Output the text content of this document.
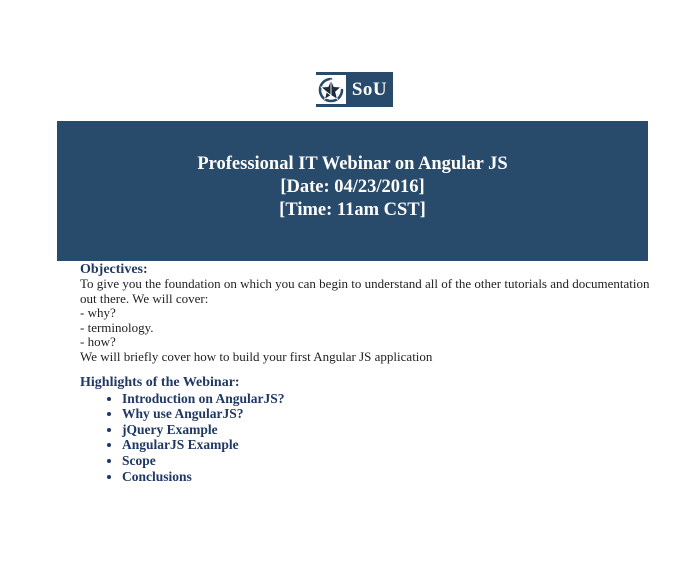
SoU
Professional IT Webinar on Angular JS
[Date: 04/23/2016]
[Time: 11am CST]
Objectives:
To give you the foundation on which you can begin to understand all of the other tutorials and documentation
out there. We will cover:
- why?
- terminology.
- how?
We will briefly cover how to build your first Angular JS application
Highlights of the Webinar:
• Introduction on AngularJS?
• Why use AngularJS?
• jQuery Example
• AngularJS Example
• Scope
• Conclusions
